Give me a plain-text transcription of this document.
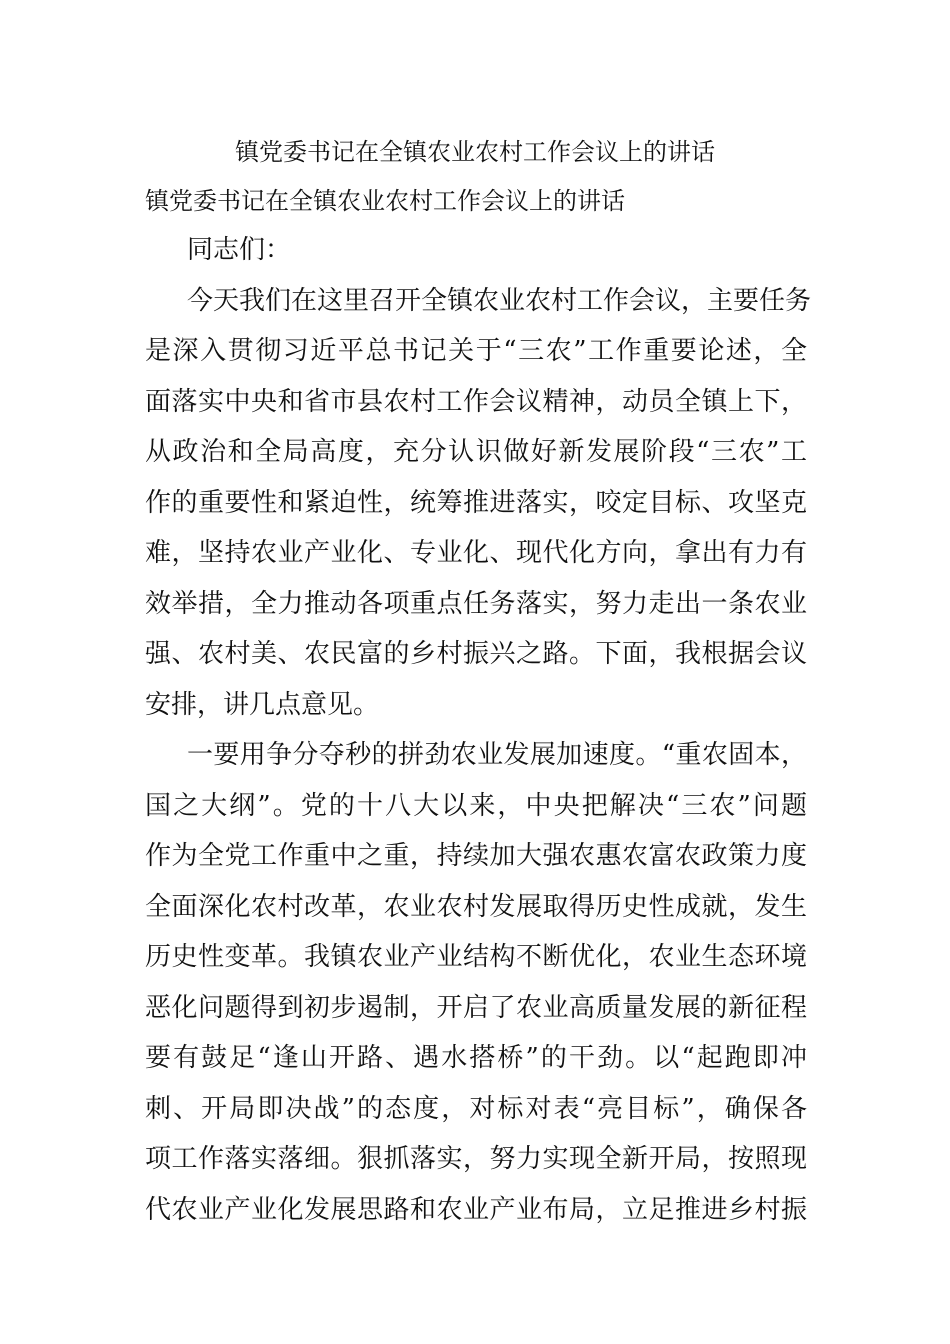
镇党委书记在全镇农业农村工作会议上的讲话
镇党委书记在全镇农业农村工作会议上的讲话
同志们：
今天我们在这里召开全镇农业农村工作会议，主要任务
是深入贯彻习近平总书记关于“三农”工作重要论述，全
面落实中央和省市县农村工作会议精神，动员全镇上下，
从政治和全局高度，充分认识做好新发展阶段“三农”工
作的重要性和紧迫性，统筹推进落实，咬定目标、攻坚克
难，坚持农业产业化、专业化、现代化方向，拿出有力有
效举措，全力推动各项重点任务落实，努力走出一条农业
强、农村美、农民富的乡村振兴之路。下面，我根据会议
安排，讲几点意见。
一要用争分夺秒的拼劲农业发展加速度。“重农固本，
国之大纲”。党的十八大以来，中央把解决“三农”问题
作为全党工作重中之重，持续加大强农惠农富农政策力度
全面深化农村改革，农业农村发展取得历史性成就，发生
历史性变革。我镇农业产业结构不断优化，农业生态环境
恶化问题得到初步遏制，开启了农业高质量发展的新征程
要有鼓足“逢山开路、遇水搭桥”的干劲。以“起跑即冲
刺、开局即决战”的态度，对标对表“亮目标”，确保各
项工作落实落细。狠抓落实，努力实现全新开局，按照现
代农业产业化发展思路和农业产业布局，立足推进乡村振
